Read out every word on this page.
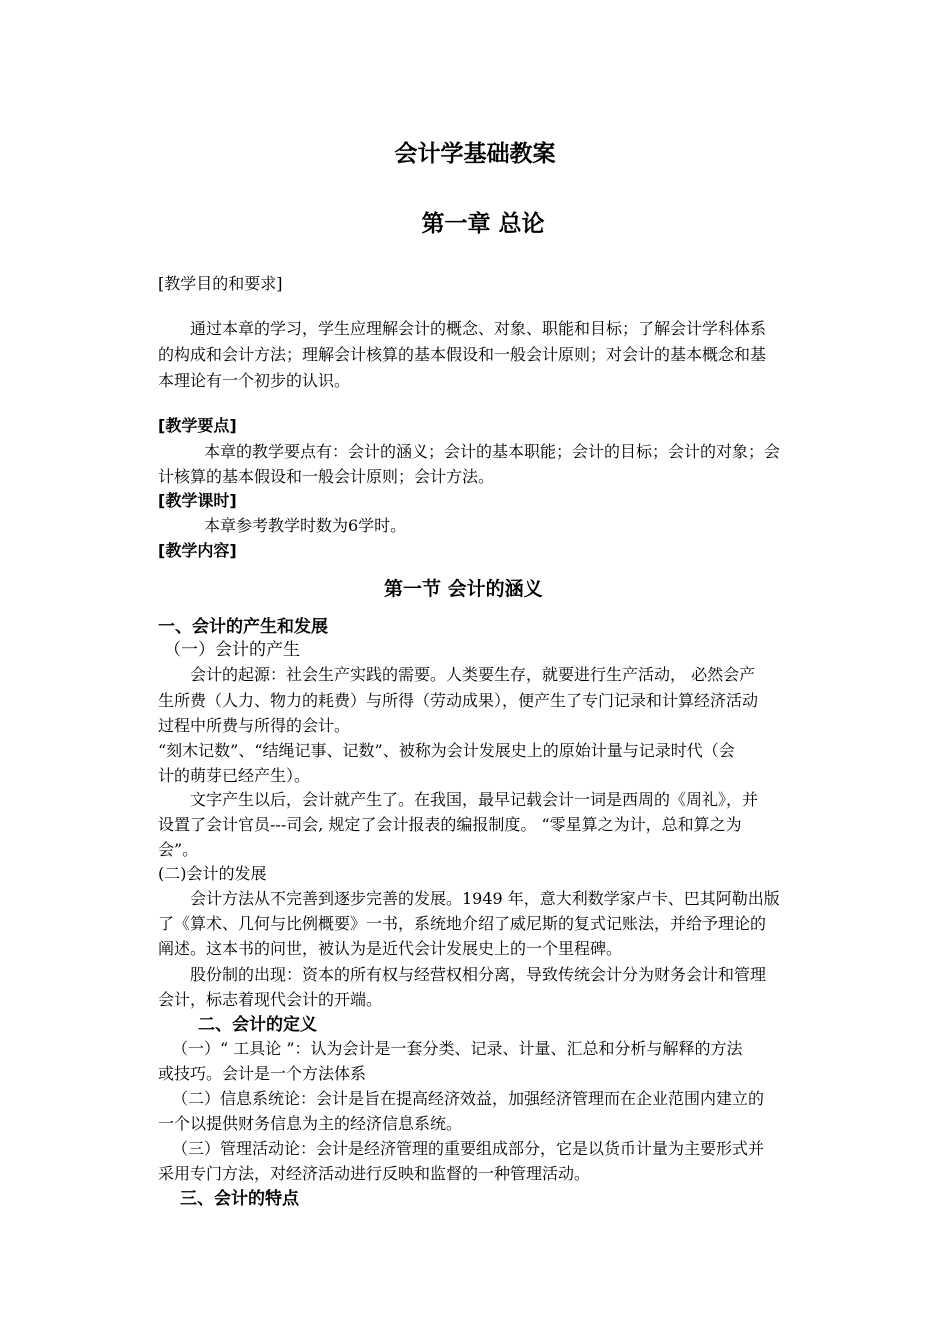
会计学基础教案
第一章 总论
[教学目的和要求]
通过本章的学习，学生应理解会计的概念、对象、职能和目标；了解会计学科体系
的构成和会计方法；理解会计核算的基本假设和一般会计原则；对会计的基本概念和基
本理论有一个初步的认识。
[教学要点]
本章的教学要点有：会计的涵义；会计的基本职能；会计的目标；会计的对象；会
计核算的基本假设和一般会计原则；会计方法。
[教学课时]
本章参考教学时数为6学时。
[教学内容]
第一节 会计的涵义
一、会计的产生和发展
（一）会计的产生
会计的起源：社会生产实践的需要。人类要生存，就要进行生产活动， 必然会产
生所费（人力、物力的耗费）与所得（劳动成果），便产生了专门记录和计算经济活动
过程中所费与所得的会计。
“刻木记数”、“结绳记事、记数”、被称为会计发展史上的原始计量与记录时代（会
计的萌芽已经产生）。
文字产生以后，会计就产生了。在我国，最早记载会计一词是西周的《周礼》，并
设置了会计官员---司会, 规定了会计报表的编报制度。 “零星算之为计，总和算之为
会”。
(二)会计的发展
会计方法从不完善到逐步完善的发展。1949 年，意大利数学家卢卡、巴其阿勒出版
了《算术、几何与比例概要》一书，系统地介绍了威尼斯的复式记账法，并给予理论的
阐述。这本书的问世，被认为是近代会计发展史上的一个里程碑。
股份制的出现：资本的所有权与经营权相分离，导致传统会计分为财务会计和管理
会计，标志着现代会计的开端。
二、会计的定义
（一）“ 工具论 ”：认为会计是一套分类、记录、计量、汇总和分析与解释的方法
或技巧。会计是一个方法体系
（二）信息系统论：会计是旨在提高经济效益，加强经济管理而在企业范围内建立的
一个以提供财务信息为主的经济信息系统。
（三）管理活动论：会计是经济管理的重要组成部分，它是以货币计量为主要形式并
采用专门方法，对经济活动进行反映和监督的一种管理活动。
三、会计的特点
